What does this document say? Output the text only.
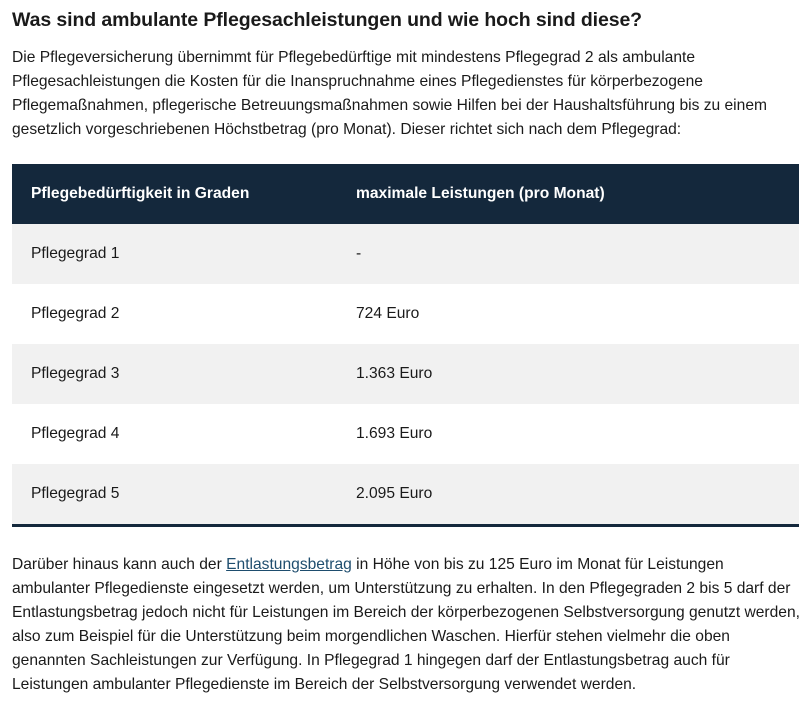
Was sind ambulante Pflegesachleistungen und wie hoch sind diese?

Die Pflegeversicherung übernimmt für Pflegebedürftige mit mindestens Pflegegrad 2 als ambulante Pflegesachleistungen die Kosten für die Inanspruchnahme eines Pflegedienstes für körperbezogene Pflegemaßnahmen, pflegerische Betreuungsmaßnahmen sowie Hilfen bei der Haushaltsführung bis zu einem gesetzlich vorgeschriebenen Höchstbetrag (pro Monat). Dieser richtet sich nach dem Pflegegrad:

Pflegebedürftigkeit in Graden	maximale Leistungen (pro Monat)
Pflegegrad 1	-
Pflegegrad 2	724 Euro
Pflegegrad 3	1.363 Euro
Pflegegrad 4	1.693 Euro
Pflegegrad 5	2.095 Euro

Darüber hinaus kann auch der Entlastungsbetrag in Höhe von bis zu 125 Euro im Monat für Leistungen ambulanter Pflegedienste eingesetzt werden, um Unterstützung zu erhalten. In den Pflegegraden 2 bis 5 darf der Entlastungsbetrag jedoch nicht für Leistungen im Bereich der körperbezogenen Selbstversorgung genutzt werden, also zum Beispiel für die Unterstützung beim morgendlichen Waschen. Hierfür stehen vielmehr die oben genannten Sachleistungen zur Verfügung. In Pflegegrad 1 hingegen darf der Entlastungsbetrag auch für Leistungen ambulanter Pflegedienste im Bereich der Selbstversorgung verwendet werden.
